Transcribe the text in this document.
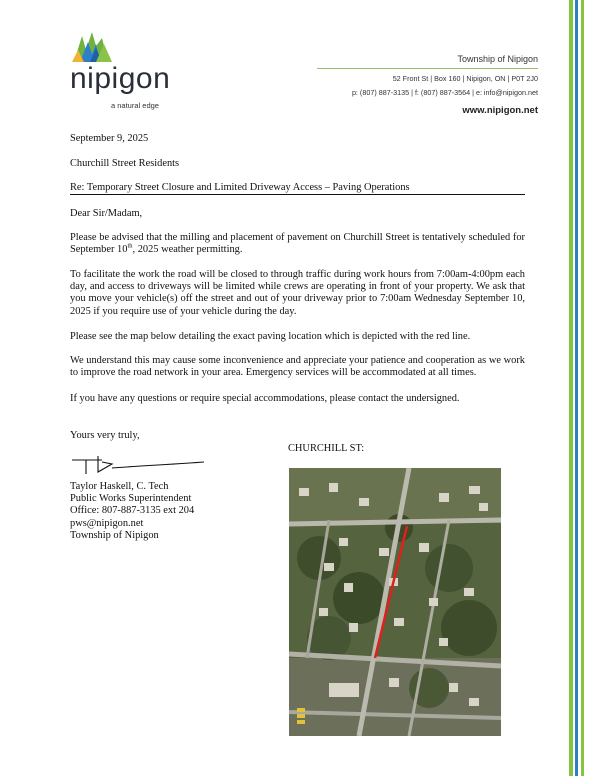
nipigon
a natural edge
Township of Nipigon
52 Front St | Box 160 | Nipigon, ON | P0T 2J0
p: (807) 887-3135 | f: (807) 887-3564 | e: info@nipigon.net
www.nipigon.net
September 9, 2025
Churchill Street Residents
Re: Temporary Street Closure and Limited Driveway Access – Paving Operations
Dear Sir/Madam,
Please be advised that the milling and placement of pavement on Churchill Street is tentatively scheduled for September 10th, 2025 weather permitting.
To facilitate the work the road will be closed to through traffic during work hours from 7:00am-4:00pm each day, and access to driveways will be limited while crews are operating in front of your property. We ask that you move your vehicle(s) off the street and out of your driveway prior to 7:00am Wednesday September 10, 2025 if you require use of your vehicle during the day.
Please see the map below detailing the exact paving location which is depicted with the red line.
We understand this may cause some inconvenience and appreciate your patience and cooperation as we work to improve the road network in your area. Emergency services will be accommodated at all times.
If you have any questions or require special accommodations, please contact the undersigned.
Yours very truly,
Taylor Haskell, C. Tech
Public Works Superintendent
Office: 807-887-3135 ext 204
pws@nipigon.net
Township of Nipigon
CHURCHILL ST:
